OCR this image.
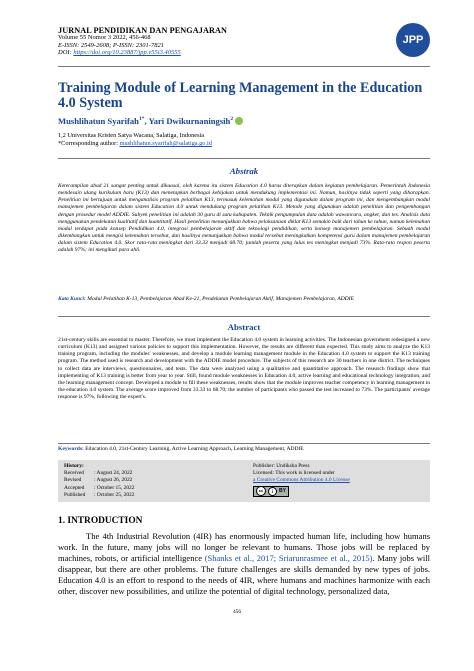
JURNAL PENDIDIKAN DAN PENGAJARAN
Volume 55 Nomor 3 2022, 456-468
E-ISSN: 2549-2608; P-ISSN: 2301-7821
DOI: https://doi.org/10.23887/jpp.v55i3.40555
JPP
Training Module of Learning Management in the Education 4.0 System
Mushlihatun Syarifah$^{1*}$, Yari Dwikurnaningsih$^2$
1,2 Universitas Kristen Satya Wacana, Salatiga, Indonesia
*Corresponding author: mushlihatun.syarifah@salatiga.go.id
Abstrak
Keterampilan abad 21 sangat penting untuk dikuasai, oleh karena itu sistem Education 4.0 harus diterapkan dalam kegiatan pembelajaran. Pemerintah Indonesia mendesain ulang kurikulum baru (K13) dan menetapkan berbagai kebijakan untuk mendukung implementasi ini. Namun, hasilnya tidak seperti yang diharapkan. Penelitian ini bertujuan untuk menganalisis program pelatihan K13, termasuk kelemahan modul yang digunakan dalam program ini, dan mengembangkan modul manajemen pembelajaran dalam sistem Education 4.0 untuk mendukung program pelatihan K13. Metode yang digunakan adalah penelitian dan pengembangan dengan prosedur model ADDIE. Subyek penelitian ini adalah 30 guru di satu kabupaten. Teknik pengumpulan data adalah wawancara, angket, dan tes. Analisis data menggunakan pendekatan kualitatif dan kuantitatif. Hasil penelitian menunjukkan bahwa pelaksanaan diklat K13 semakin baik dari tahun ke tahun, namun kelemahan modul terdapat pada konsep Pendidikan 4.0, integrasi pembelajaran aktif dan teknologi pendidikan, serta konsep manajemen pembelajaran. Sebuah modul dikembangkan untuk mengisi kelemahan tersebut, dan hasilnya menunjukkan bahwa modul tersebut meningkatkan kompetensi guru dalam manajemen pembelajaran dalam sistem Education 4.0. Skor rata-rata meningkat dari 33.33 menjadi 68.70; jumlah peserta yang lulus tes meningkat menjadi 73%. Rata-rata respon peserta adalah 97%; ini mengikuti para ahli.
Kata Kunci: Modul Pelatihan K-13, Pembelajaran Abad Ke-21, Pendekatan Pembelajaran Aktif, Manajemen Pembelajaran, ADDIE
Abstract
21st-century skills are essential to master. Therefore, we must implement the Education 4.0 system in learning activities. The Indonesian government redesigned a new curriculum (K13) and assigned various policies to support this implementation. However, the results are different than expected. This study aims to analyze the K13 training program, including the modules' weaknesses, and develop a module learning management module in the Education 4.0 system to support the K13 training program. The method used is research and development with the ADDIE model procedure. The subjects of this research are 30 teachers in one district. The techniques to collect data are interviews, questionnaires, and tests. The data were analyzed using a qualitative and quantitative approach. The research findings show that implementing of K13 training is better from year to year. Still, found module weaknesses in Education 4.0, active learning and educational technology integration, and the learning management concept. Developed a module to fill these weaknesses, results show that the module improves teacher competency in learning management in the education 4.0 system. The average score improved from 33.33 to 68.70; the number of participants who passed the test increased to 73%. The participants' average response is 97%, following the expert's.
Keywords: Education 4.0, 21st-Century Learning, Active Learning Approach, Learning Management, ADDIE
History:
Received : August 24, 2022
Revised : August 26, 2022
Accepted : October 15, 2022
Published : October 25, 2022
Publisher: Undiksha Press
Licensed: This work is licensed under
a Creative Commons Attribution 4.0 License
cc	i	BY
1. INTRODUCTION
The 4th Industrial Revolution (4IR) has enormously impacted human life, including how humans work. In the future, many jobs will no longer be relevant to humans. Those jobs will be replaced by machines, robots, or artificial intelligence (Shanks et al., 2017; Sriarunrasmee et al., 2015). Many jobs will disappear, but there are other problems. The future challenges are skills demanded by new types of jobs. Education 4.0 is an effort to respond to the needs of 4IR, where humans and machines harmonize with each other, discover new possibilities, and utilize the potential of digital technology, personalized data,
456
